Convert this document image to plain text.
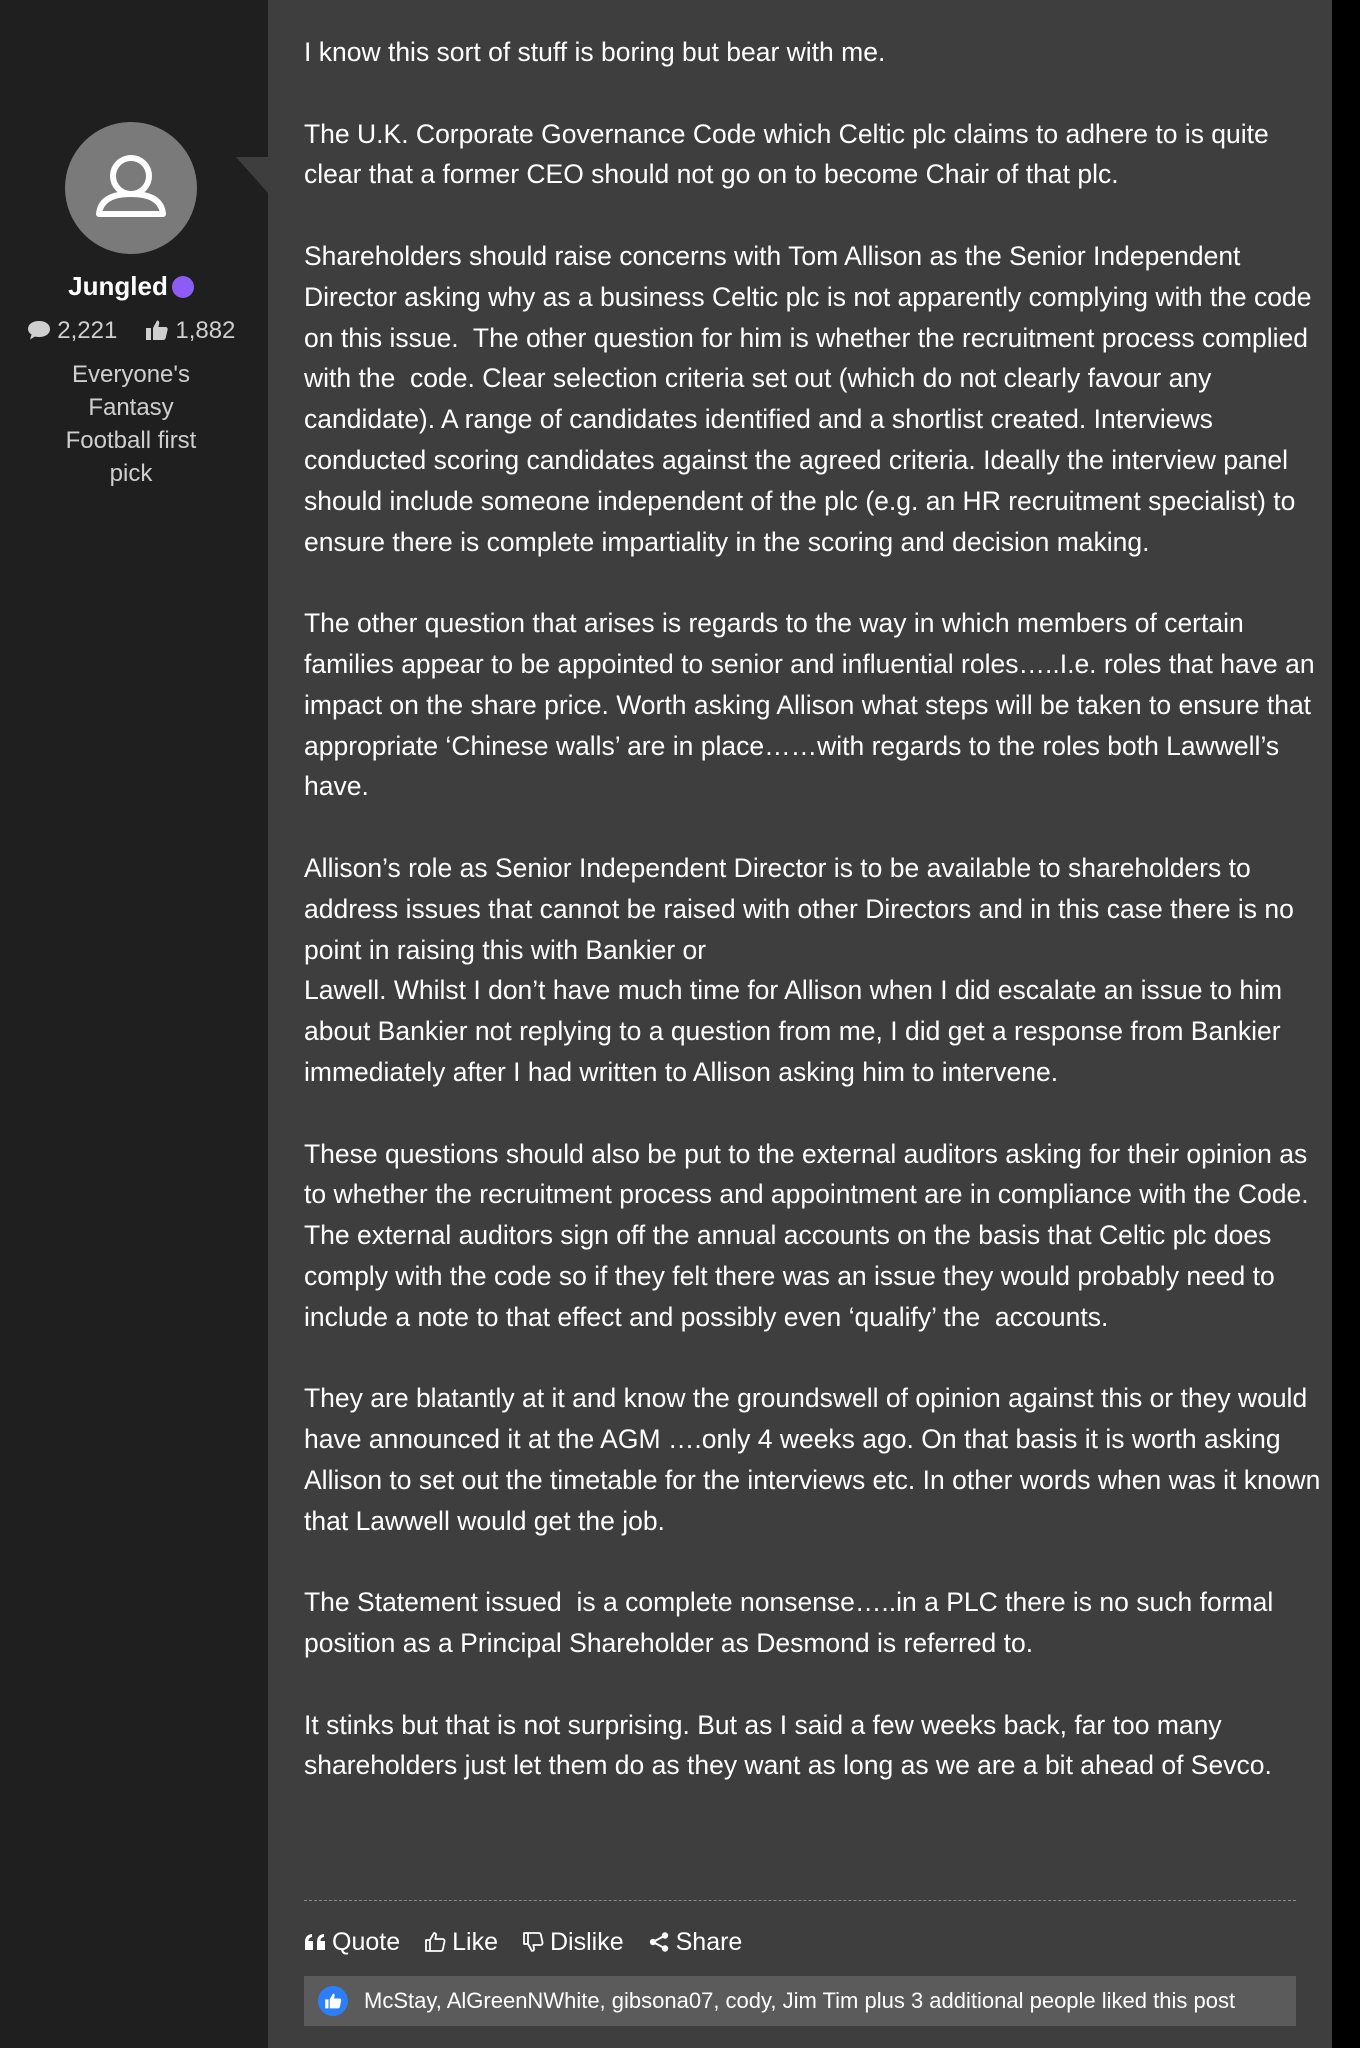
Jungled
2,221 1,882
Everyone's Fantasy Football first pick

I know this sort of stuff is boring but bear with me.

The U.K. Corporate Governance Code which Celtic plc claims to adhere to is quite clear that a former CEO should not go on to become Chair of that plc.

Shareholders should raise concerns with Tom Allison as the Senior Independent Director asking why as a business Celtic plc is not apparently complying with the code on this issue.  The other question for him is whether the recruitment process complied with the  code. Clear selection criteria set out (which do not clearly favour any candidate). A range of candidates identified and a shortlist created. Interviews conducted scoring candidates against the agreed criteria. Ideally the interview panel should include someone independent of the plc (e.g. an HR recruitment specialist) to ensure there is complete impartiality in the scoring and decision making.

The other question that arises is regards to the way in which members of certain families appear to be appointed to senior and influential roles…..I.e. roles that have an impact on the share price. Worth asking Allison what steps will be taken to ensure that appropriate ‘Chinese walls’ are in place……with regards to the roles both Lawwell’s have.

Allison’s role as Senior Independent Director is to be available to shareholders to address issues that cannot be raised with other Directors and in this case there is no point in raising this with Bankier or
Lawell. Whilst I don’t have much time for Allison when I did escalate an issue to him about Bankier not replying to a question from me, I did get a response from Bankier immediately after I had written to Allison asking him to intervene.

These questions should also be put to the external auditors asking for their opinion as to whether the recruitment process and appointment are in compliance with the Code. The external auditors sign off the annual accounts on the basis that Celtic plc does comply with the code so if they felt there was an issue they would probably need to include a note to that effect and possibly even ‘qualify’ the  accounts.

They are blatantly at it and know the groundswell of opinion against this or they would have announced it at the AGM ….only 4 weeks ago. On that basis it is worth asking Allison to set out the timetable for the interviews etc. In other words when was it known that Lawwell would get the job.

The Statement issued  is a complete nonsense…..in a PLC there is no such formal position as a Principal Shareholder as Desmond is referred to.

It stinks but that is not surprising. But as I said a few weeks back, far too many shareholders just let them do as they want as long as we are a bit ahead of Sevco.

Quote Like Dislike Share
McStay, AlGreenNWhite, gibsona07, cody, Jim Tim plus 3 additional people liked this post
